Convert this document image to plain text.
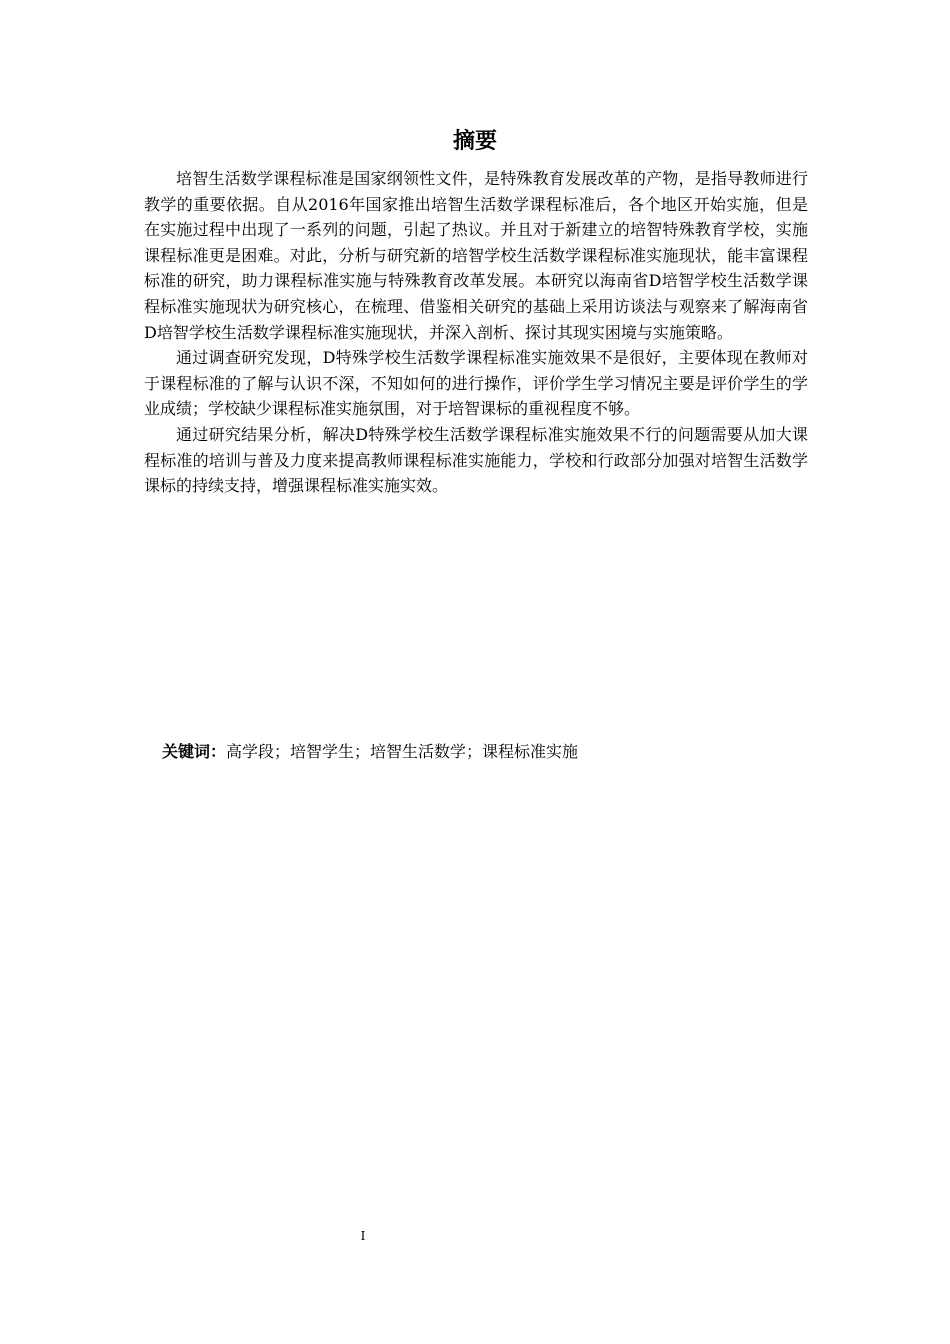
摘要

培智生活数学课程标准是国家纲领性文件，是特殊教育发展改革的产物，是指导教师进行教学的重要依据。自从2016年国家推出培智生活数学课程标准后，各个地区开始实施，但是在实施过程中出现了一系列的问题，引起了热议。并且对于新建立的培智特殊教育学校，实施课程标准更是困难。对此，分析与研究新的培智学校生活数学课程标准实施现状，能丰富课程标准的研究，助力课程标准实施与特殊教育改革发展。本研究以海南省D培智学校生活数学课程标准实施现状为研究核心，在梳理、借鉴相关研究的基础上采用访谈法与观察来了解海南省D培智学校生活数学课程标准实施现状，并深入剖析、探讨其现实困境与实施策略。

通过调查研究发现，D特殊学校生活数学课程标准实施效果不是很好，主要体现在教师对于课程标准的了解与认识不深，不知如何的进行操作，评价学生学习情况主要是评价学生的学业成绩；学校缺少课程标准实施氛围，对于培智课标的重视程度不够。

通过研究结果分析，解决D特殊学校生活数学课程标准实施效果不行的问题需要从加大课程标准的培训与普及力度来提高教师课程标准实施能力，学校和行政部分加强对培智生活数学课标的持续支持，增强课程标准实施实效。

关键词：高学段；培智学生；培智生活数学；课程标准实施
I
